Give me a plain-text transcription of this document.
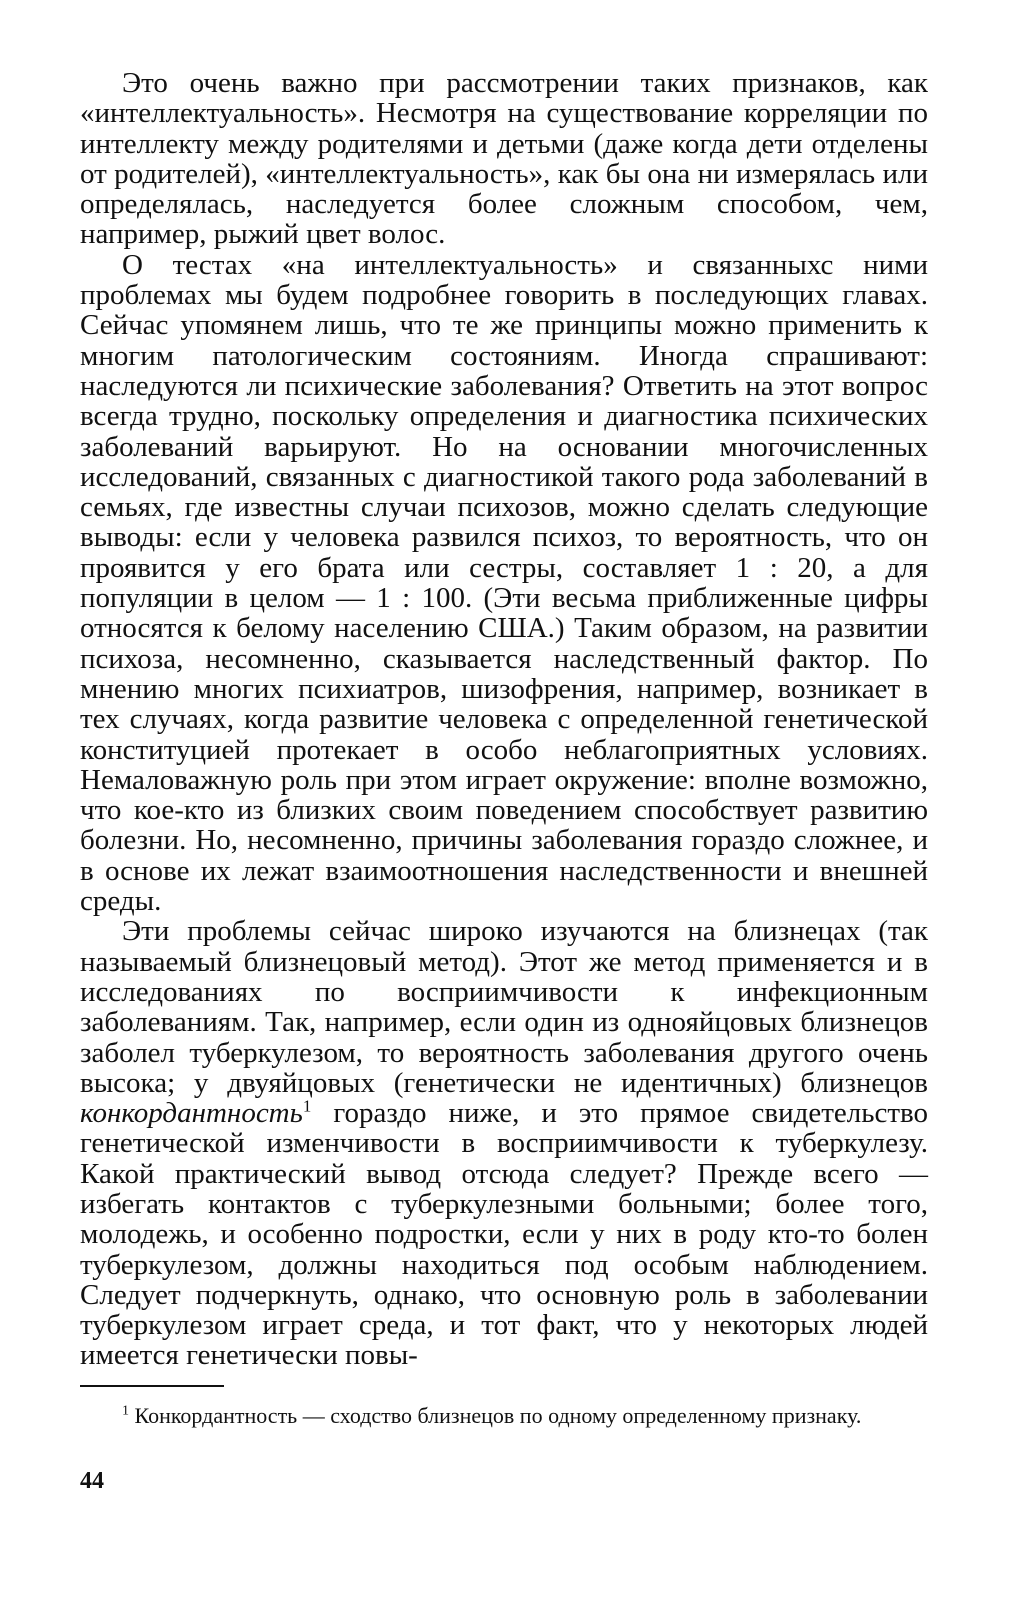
Это очень важно при рассмотрении таких признаков, как «интеллектуальность». Несмотря на существование корреляции по интеллекту между родителями и детьми (даже когда дети отделены от родителей), «интеллектуальность», как бы она ни измерялась или определялась, наследуется более сложным способом, чем, например, рыжий цвет волос.

О тестах «на интеллектуальность» и связанныхс ними проблемах мы будем подробнее говорить в последующих главах. Сейчас упомянем лишь, что те же принципы можно применить к многим патологическим состояниям. Иногда спрашивают: наследуются ли психические заболевания? Ответить на этот вопрос всегда трудно, поскольку определения и диагностика психических заболеваний варьируют. Но на основании многочисленных исследований, связанных с диагностикой такого рода заболеваний в семьях, где известны случаи психозов, можно сделать следующие выводы: если у человека развился психоз, то вероятность, что он проявится у его брата или сестры, составляет 1 : 20, а для популяции в целом — 1 : 100. (Эти весьма приближенные цифры относятся к белому населению США.) Таким образом, на развитии психоза, несомненно, сказывается наследственный фактор. По мнению многих психиатров, шизофрения, например, возникает в тех случаях, когда развитие человека с определенной генетической конституцией протекает в особо неблагоприятных условиях. Немаловажную роль при этом играет окружение: вполне возможно, что кое-кто из близких своим поведением способствует развитию болезни. Но, несомненно, причины заболевания гораздо сложнее, и в основе их лежат взаимоотношения наследственности и внешней среды.

Эти проблемы сейчас широко изучаются на близнецах (так называемый близнецовый метод). Этот же метод применяется и в исследованиях по восприимчивости к инфекционным заболеваниям. Так, например, если один из однояйцовых близнецов заболел туберкулезом, то вероятность заболевания другого очень высока; у двуяйцовых (генетически не идентичных) близнецов конкордантность$^1$ гораздо ниже, и это прямое свидетельство генетической изменчивости в восприимчивости к туберкулезу. Какой практический вывод отсюда следует? Прежде всего — избегать контактов с туберкулезными больными; более того, молодежь, и особенно подростки, если у них в роду кто-то болен туберкулезом, должны находиться под особым наблюдением. Следует подчеркнуть, однако, что основную роль в заболевании туберкулезом играет среда, и тот факт, что у некоторых людей имеется генетически повы-

$^1$ Конкордантность — сходство близнецов по одному определенному признаку.

44
